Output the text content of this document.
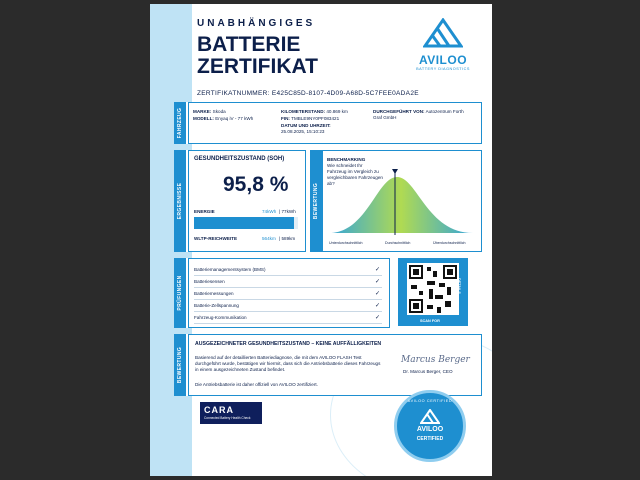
UNABHÄNGIGES
BATTERIE
ZERTIFIKAT
ZERTIFIKATNUMMER: E425C85D-8107-4D09-A68D-5C7FEE0ADA2E
AVILOO
BATTERY DIAGNOSTICS
FAHRZEUG MARKE: Skoda
MODELL: Enyaq iV - 77 kWh
KILOMETERSTAND: 40.869 km
FIN: TMBLE9NY0PF083421
DATUM UND UHRZEIT:
25.08.2025, 15:10:23
DURCHGEFÜHRT VON: Autozentrum Forth Graf GmbH
ERGEBNISSE
GESUNDHEITSZUSTAND (SOH)
95,8 %
ENERGIE	74kWh | 77kWh
WLTP-REICHWEITE	564km | 589km
BEWERTUNG
BENCHMARKING
Wie schneidet Ihr Fahrzeug im Vergleich zu vergleichbaren Fahrzeugen ab?
Unterdurchschnittlich	Durchschnittlich	Überdurchschnittlich
PRÜFUNGEN
Batteriemanagementsystem (BMS)	✓
Batteriesensen	✓
Batteriemessungen	✓
Batterie-Zellspannung	✓
Fahrzeug-Kommunikation	✓	SCAN FOR
DETAILS
BEWERTUNG
AUSGEZEICHNETER GESUNDHEITSZUSTAND – KEINE AUFFÄLLIGKEITEN
Basierend auf der detaillierten Batteriediagnose, die mit dem AVILOO FLASH Test durchgeführt wurde, bestätigen wir hiermit, dass sich die Antriebsbatterie dieses Fahrzeugs in einem ausgezeichneten Zustand befindet.
Die Antriebsbatterie ist daher offiziell von AVILOO zertifiziert.
Marcus Berger
Dr. Marcus Berger, CEO
CARA
Connected Battery Health Check
AVILOO CERTIFIED
AVILOO
CERTIFIED
